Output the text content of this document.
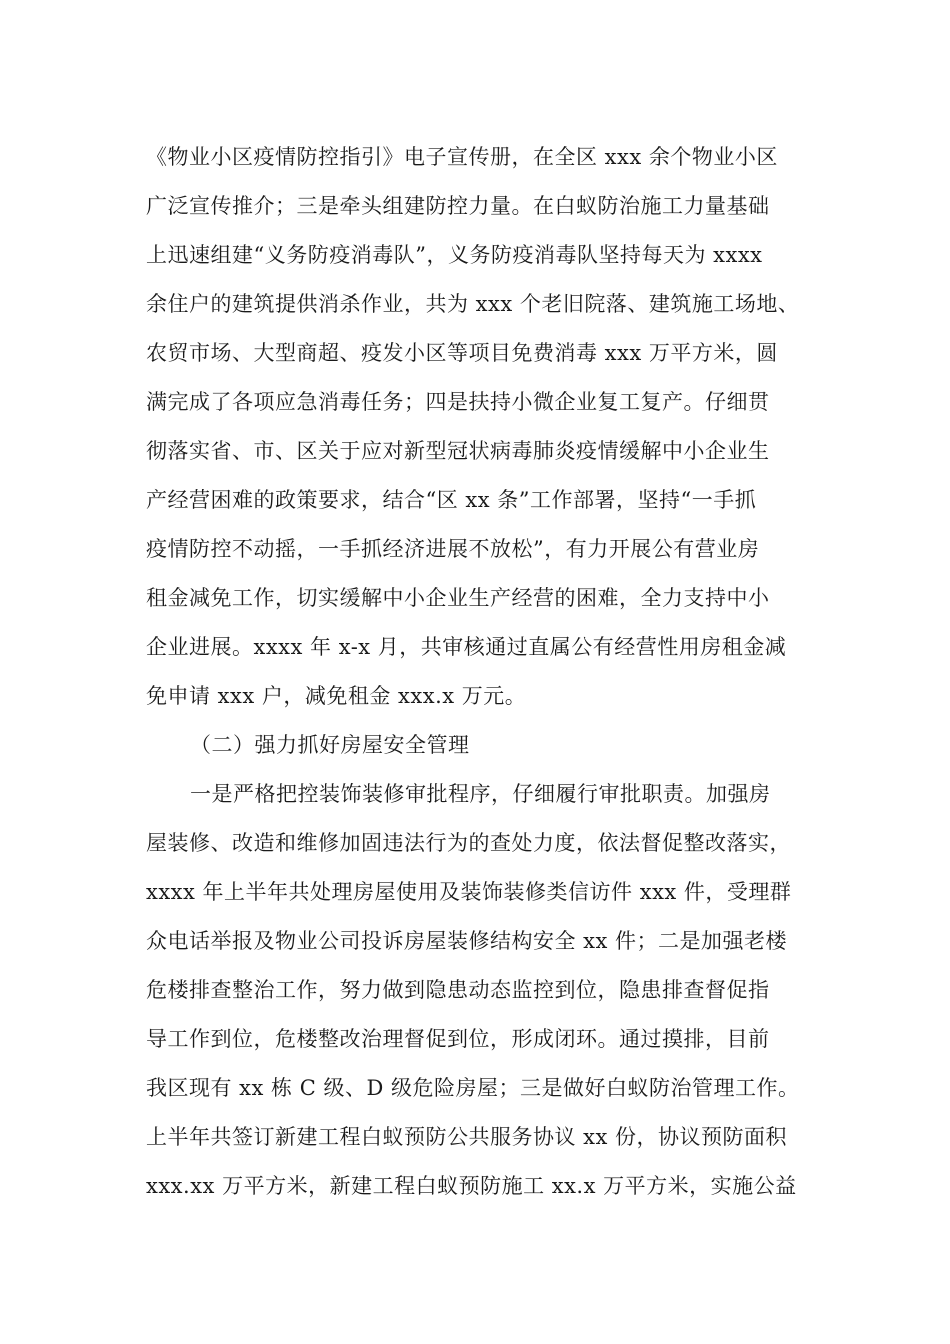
《物业小区疫情防控指引》电子宣传册，在全区 xxx 余个物业小区
广泛宣传推介；三是牵头组建防控力量。在白蚁防治施工力量基础
上迅速组建“义务防疫消毒队”，义务防疫消毒队坚持每天为 xxxx
余住户的建筑提供消杀作业，共为 xxx 个老旧院落、建筑施工场地、
农贸市场、大型商超、疫发小区等项目免费消毒 xxx 万平方米，圆
满完成了各项应急消毒任务；四是扶持小微企业复工复产。仔细贯
彻落实省、市、区关于应对新型冠状病毒肺炎疫情缓解中小企业生
产经营困难的政策要求，结合“区 xx 条”工作部署，坚持“一手抓
疫情防控不动摇，一手抓经济进展不放松”，有力开展公有营业房
租金减免工作，切实缓解中小企业生产经营的困难，全力支持中小
企业进展。xxxx 年 x-x 月，共审核通过直属公有经营性用房租金减
免申请 xxx 户，减免租金 xxx.x 万元。
（二）强力抓好房屋安全管理
一是严格把控装饰装修审批程序，仔细履行审批职责。加强房
屋装修、改造和维修加固违法行为的查处力度，依法督促整改落实，
xxxx 年上半年共处理房屋使用及装饰装修类信访件 xxx 件，受理群
众电话举报及物业公司投诉房屋装修结构安全 xx 件；二是加强老楼
危楼排查整治工作，努力做到隐患动态监控到位，隐患排查督促指
导工作到位，危楼整改治理督促到位，形成闭环。通过摸排，目前
我区现有 xx 栋 C 级、D 级危险房屋；三是做好白蚁防治管理工作。
上半年共签订新建工程白蚁预防公共服务协议 xx 份，协议预防面积
xxx.xx 万平方米，新建工程白蚁预防施工 xx.x 万平方米，实施公益
